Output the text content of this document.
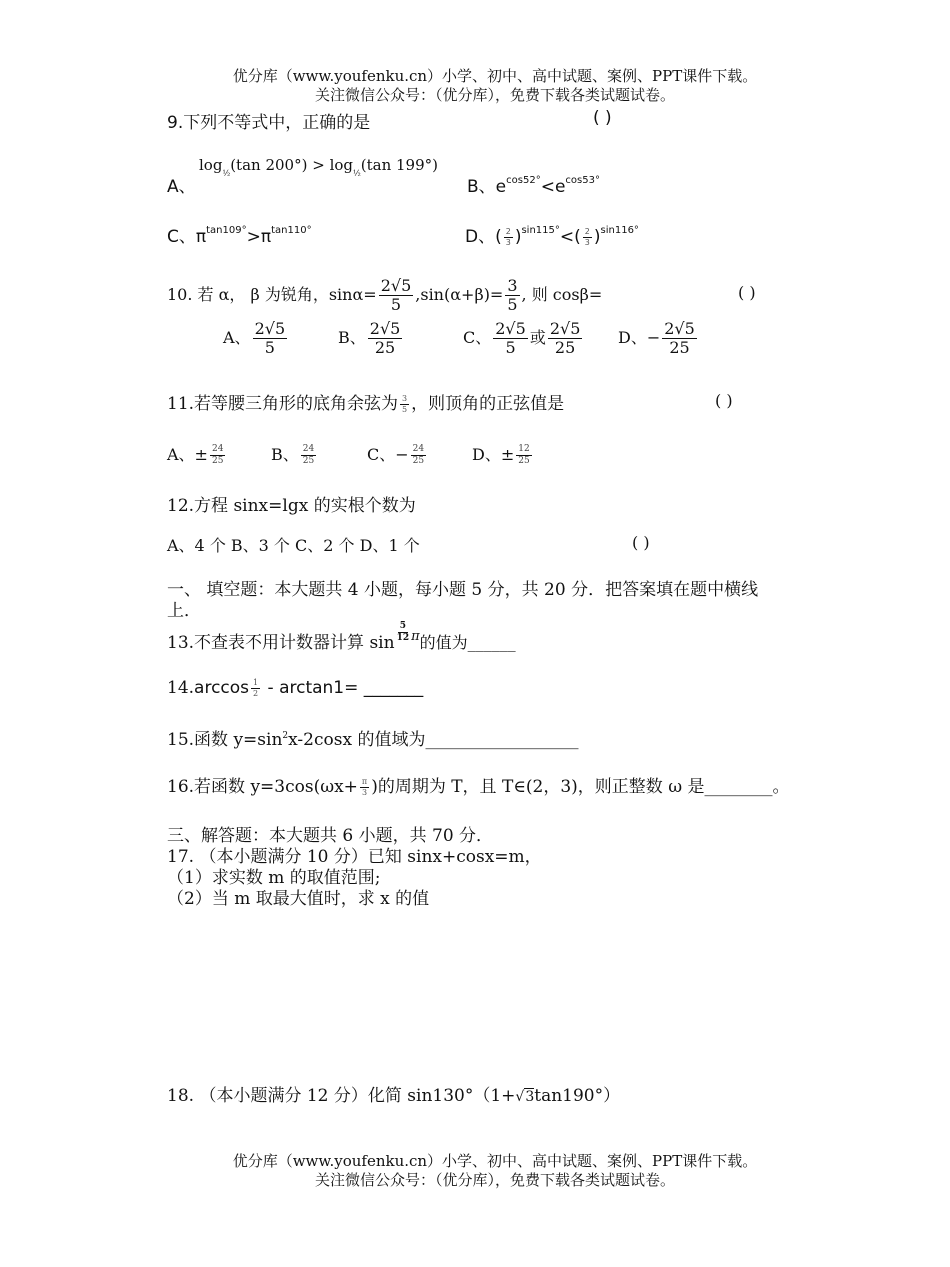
优分库（www.youfenku.cn）小学、初中、高中试题、案例、PPT课件下载。
关注微信公众号：（优分库），免费下载各类试题试卷。
9.下列不等式中，正确的是	( )
A、
$\log_{\frac{1}{2}}(\tan$ $200^\circ) > \log_{\frac{1}{2}}(\tan$ 199°)
B、$e^{cos52^\circ}<e^{cos53^\circ}$
C、$\pi^{tan109^\circ}>\pi^{tan110^\circ}$	D、( $\frac{2}{3} )^{sin115^\circ}<( \frac{2}{3} )^{sin116^\circ}$
10. 若 α， β 为锐角，$\sin\alpha= \frac{2√5}{5} ,\sin(\alpha+\beta)= \frac{3}{5}$ , 则 cosβ=	( )
A、 $\frac{2√5}{5}$	B、 $\frac{2√5}{25}$	C、 $\frac{2√5}{5}$ 或 $\frac{2√5}{25}$ D、− $\frac{2√5}{25}$
11.若等腰三角形的底角余弦为 $\frac{3}{5}$ ，则顶角的正弦值是	( )
A、± $\frac{24}{25}$	B、 $\frac{24}{25}$	C、− $\frac{24}{25}$	D、± $\frac{12}{25}$
12.方程 sinx=lgx 的实根个数为
A、4 个 B、3 个 C、2 个 D、1 个	( )
一、 填空题：本大题共 4 小题，每小题 5 分，共 20 分．把答案填在题中横线
上．
13.不查表不用计数器计算 $\sin \frac{5}{12} ^\pi$的值为______
$14.\arccos \frac{1}{2} - \arctan 1=$ _______
15.函数 $y=\sin^2x-2\cos x$ 的值域为__________________
16.若函数 $y=3\cos(\omega x+ \frac{\pi}{3}$ )的周期为 T，且 T∈(2，3)，则正整数 ω 是________。
三、解答题：本大题共 6 小题，共 70 分．
17. （本小题满分 10 分）已知 sinx+cosx=m，
（1）求实数 m 的取值范围;
（2）当 m 取最大值时，求 x 的值
18. （本小题满分 12 分）化简 sin130°（1+√3tan190°）
优分库（www.youfenku.cn）小学、初中、高中试题、案例、PPT课件下载。
关注微信公众号：（优分库），免费下载各类试题试卷。
